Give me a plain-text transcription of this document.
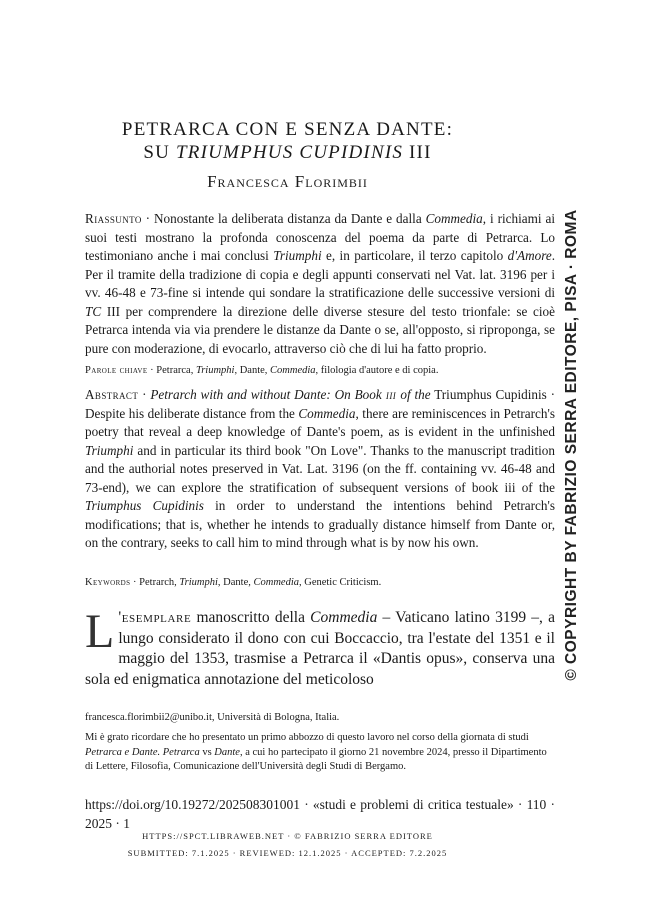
PETRARCA CON E SENZA DANTE:
SU TRIUMPHUS CUPIDINIS III
Francesca Florimbii
Riassunto · Nonostante la deliberata distanza da Dante e dalla Commedia, i richiami ai suoi testi mostrano la profonda conoscenza del poema da parte di Petrarca. Lo testimoniano anche i mai conclusi Triumphi e, in particolare, il terzo capitolo d'Amore. Per il tramite della tradizione di copia e degli appunti conservati nel Vat. lat. 3196 per i vv. 46-48 e 73-fine si intende qui sondare la stratificazione delle successive versioni di TC III per comprendere la direzione delle diverse stesure del testo trionfale: se cioè Petrarca intenda via via prendere le distanze da Dante o se, all'opposto, si riproponga, se pure con moderazione, di evocarlo, attraverso ciò che di lui ha fatto proprio.
Parole chiave · Petrarca, Triumphi, Dante, Commedia, filologia d'autore e di copia.
Abstract · Petrarch with and without Dante: On Book iii of the Triumphus Cupidinis · Despite his deliberate distance from the Commedia, there are reminiscences in Petrarch's poetry that reveal a deep knowledge of Dante's poem, as is evident in the unfinished Triumphi and in particular its third book "On Love". Thanks to the manuscript tradition and the authorial notes preserved in Vat. Lat. 3196 (on the ff. containing vv. 46-48 and 73-end), we can explore the stratification of subsequent versions of book iii of the Triumphus Cupidinis in order to understand the intentions behind Petrarch's modifications; that is, whether he intends to gradually distance himself from Dante or, on the contrary, seeks to call him to mind through what is by now his own.
Keywords · Petrarch, Triumphi, Dante, Commedia, Genetic Criticism.
L 'esemplare manoscritto della Commedia – Vaticano latino 3199 –, a lungo considerato il dono con cui Boccaccio, tra l'estate del 1351 e il maggio del 1353, trasmise a Petrarca il «Dantis opus», conserva una sola ed enigmatica annotazione del meticoloso
francesca.florimbii2@unibo.it, Università di Bologna, Italia.
Mi è grato ricordare che ho presentato un primo abbozzo di questo lavoro nel corso della giornata di studi Petrarca e Dante. Petrarca vs Dante, a cui ho partecipato il giorno 21 novembre 2024, presso il Dipartimento di Lettere, Filosofia, Comunicazione dell'Università degli Studi di Bergamo.
https://doi.org/10.19272/202508301001 · «studi e problemi di critica testuale» · 110 · 2025 · 1
HTTPS://SPCT.LIBRAWEB.NET · © FABRIZIO SERRA EDITORE
SUBMITTED: 7.1.2025 · REVIEWED: 12.1.2025 · ACCEPTED: 7.2.2025
© COPYRIGHT BY FABRIZIO SERRA EDITORE, PISA · ROMA
